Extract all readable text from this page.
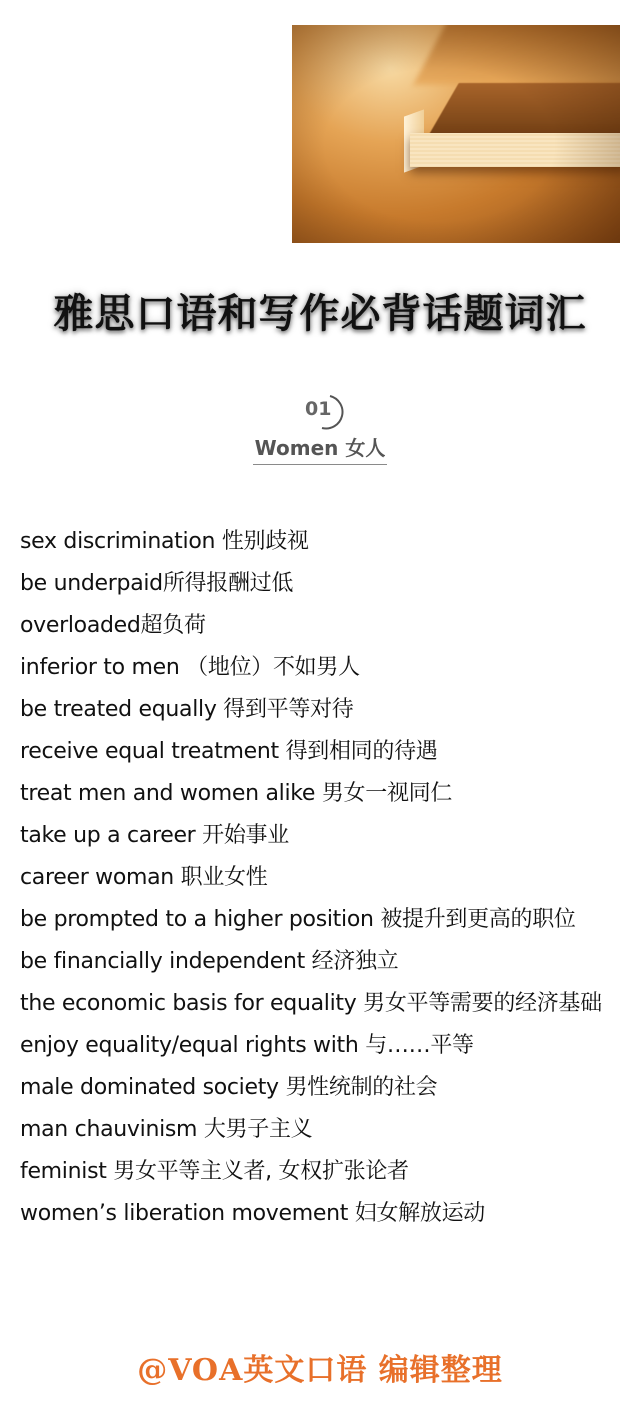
雅思口语和写作必背话题词汇
01
Women 女人
sex discrimination 性别歧视
be underpaid所得报酬过低
overloaded超负荷
inferior to men （地位）不如男人
be treated equally 得到平等对待
receive equal treatment 得到相同的待遇
treat men and women alike 男女一视同仁
take up a career 开始事业
career woman 职业女性
be prompted to a higher position 被提升到更高的职位
be financially independent 经济独立
the economic basis for equality 男女平等需要的经济基础
enjoy equality/equal rights with 与……平等
male dominated society 男性统制的社会
man chauvinism 大男子主义
feminist 男女平等主义者, 女权扩张论者
women’s liberation movement 妇女解放运动
@VOA英文口语 编辑整理
